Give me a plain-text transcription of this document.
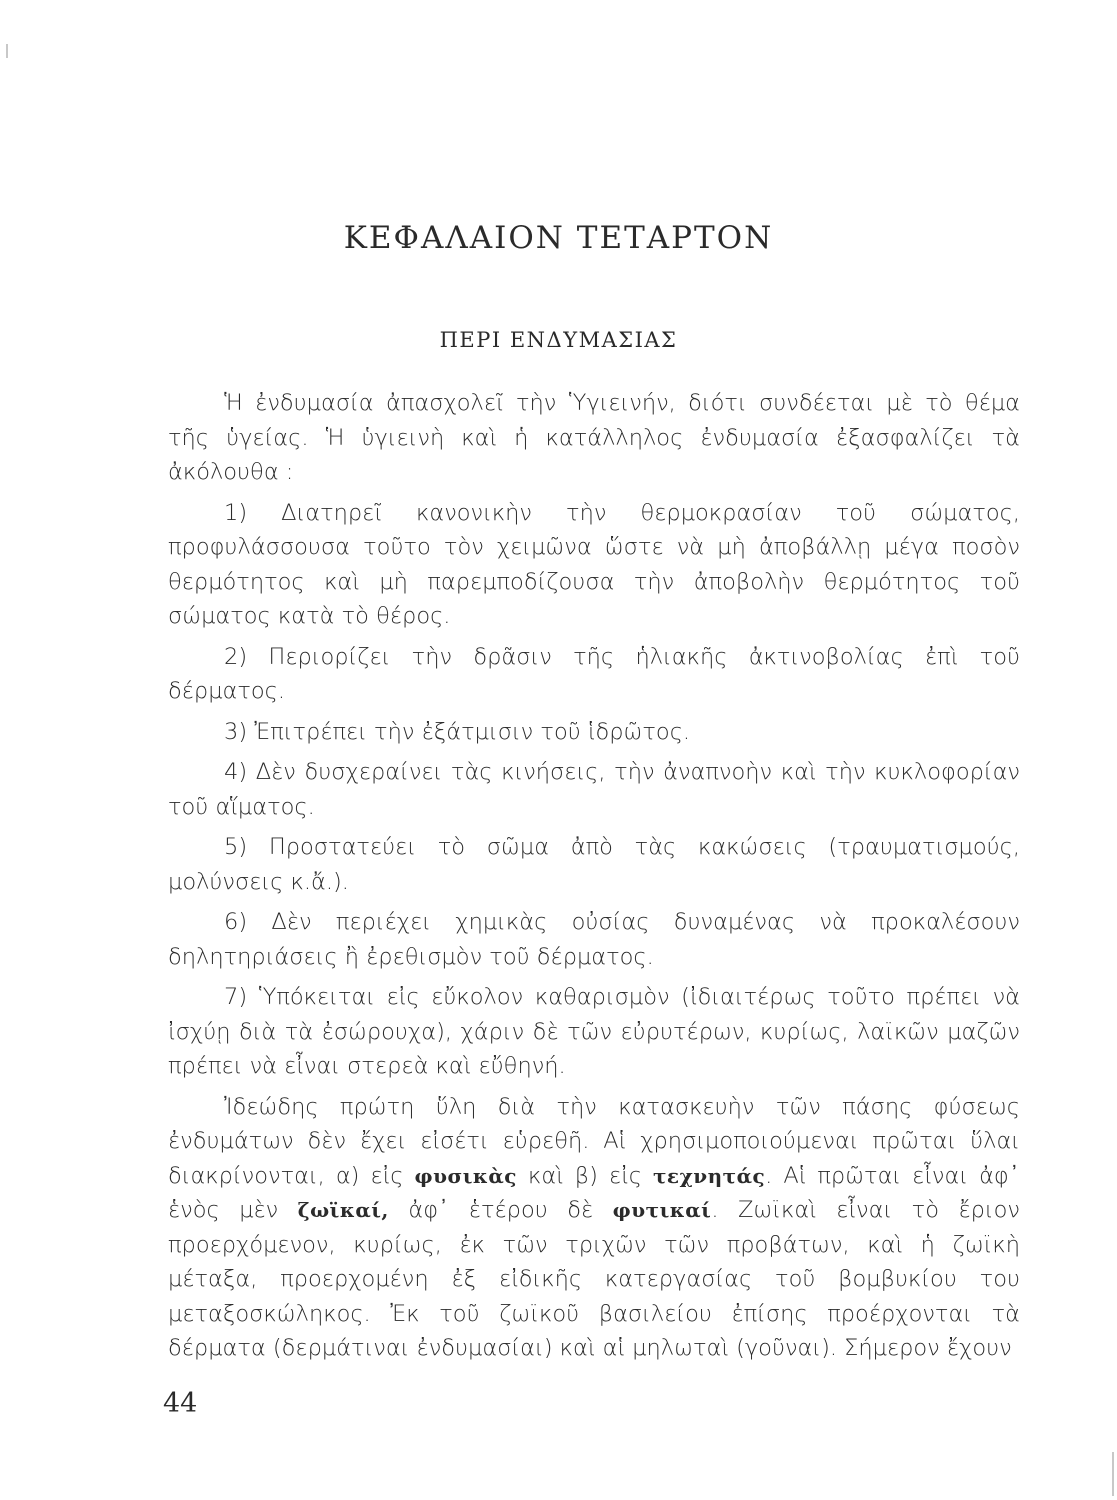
ΚΕΦΑΛΑΙΟΝ ΤΕΤΑΡΤΟΝ
ΠΕΡΙ ΕΝΔΥΜΑΣΙΑΣ

Ἡ ἐνδυμασία ἀπασχολεῖ τὴν Ὑγιεινήν, διότι συνδέεται μὲ τὸ θέμα τῆς ὑγείας. Ἡ ὑγιεινὴ καὶ ἡ κατάλληλος ἐνδυμασία ἐξασφαλίζει τὰ ἀκόλουθα :

1) Διατηρεῖ κανονικὴν τὴν θερμοκρασίαν τοῦ σώματος, προφυλάσσουσα τοῦτο τὸν χειμῶνα ὥστε νὰ μὴ ἀποβάλλῃ μέγα ποσὸν θερμότητος καὶ μὴ παρεμποδίζουσα τὴν ἀποβολὴν θερμότητος τοῦ σώματος κατὰ τὸ θέρος.

2) Περιορίζει τὴν δρᾶσιν τῆς ἡλιακῆς ἀκτινοβολίας ἐπὶ τοῦ δέρματος.

3) Ἐπιτρέπει τὴν ἐξάτμισιν τοῦ ἱδρῶτος.

4) Δὲν δυσχεραίνει τὰς κινήσεις, τὴν ἀναπνοὴν καὶ τὴν κυκλοφορίαν τοῦ αἵματος.

5) Προστατεύει τὸ σῶμα ἀπὸ τὰς κακώσεις (τραυματισμούς, μολύνσεις κ.ἄ.).

6) Δὲν περιέχει χημικὰς οὐσίας δυναμένας νὰ προκαλέσουν δηλητηριάσεις ἢ ἐρεθισμὸν τοῦ δέρματος.

7) Ὑπόκειται εἰς εὔκολον καθαρισμὸν (ἰδιαιτέρως τοῦτο πρέπει νὰ ἰσχύῃ διὰ τὰ ἐσώρουχα), χάριν δὲ τῶν εὐρυτέρων, κυρίως, λαϊκῶν μαζῶν πρέπει νὰ εἶναι στερεὰ καὶ εὔθηνή.

Ἰδεώδης πρώτη ὕλη διὰ τὴν κατασκευὴν τῶν πάσης φύσεως ἐνδυμάτων δὲν ἔχει εἰσέτι εὑρεθῆ. Αἱ χρησιμοποιούμεναι πρῶται ὕλαι διακρίνονται, α) εἰς φυσικὰς καὶ β) εἰς τεχνητάς. Αἱ πρῶται εἶναι ἀφ᾿ ἑνὸς μὲν ζωϊκαί, ἀφ᾿ ἑτέρου δὲ φυτικαί. Ζωϊκαὶ εἶναι τὸ ἔριον προερχόμενον, κυρίως, ἐκ τῶν τριχῶν τῶν προβάτων, καὶ ἡ ζωϊκὴ μέταξα, προερχομένη ἐξ εἰδικῆς κατεργασίας τοῦ βομβυκίου του μεταξοσκώληκος. Ἐκ τοῦ ζωϊκοῦ βασιλείου ἐπίσης προέρχονται τὰ δέρματα (δερμάτιναι ἐνδυμασίαι) καὶ αἱ μηλωταὶ (γοῦναι). Σήμερον ἔχουν

44
